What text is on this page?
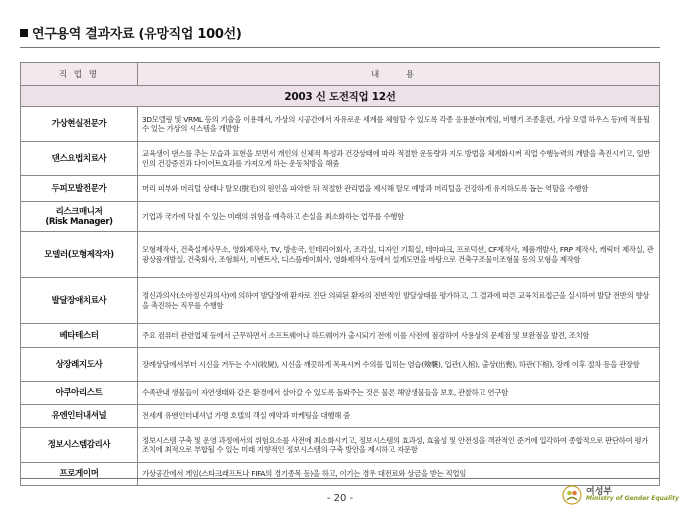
연구용역 결과자료 (유망직업 100선)
직 업 명	내 용
2003 신 도전직업 12선	
가상현실전문가	3D모델링 및 VRML 등의 기술을 이용해서, 가상의 시공간에서 자유로운 세계를 체험할 수 있도록 각종 응용분야(게임, 비행기 조종훈련, 가상 모델 하우스 등)에 적용될 수 있는 가상의 시스템을 개발함
댄스요법치료사	교육생이 댄스를 추는 모습과 표현을 보면서 개인의 신체적 특성과 건강상태에 따라 적절한 운동량과 지도 방법을 체계화시켜 직업 수행능력의 개발을 촉진시키고, 일반인의 건강증진과 다이어트효과를 가져오게 하는 운동처방을 해줌
두피모발전문가	머리 피부와 머리털 상태나 탈모(脫毛)의 원인을 파악한 뒤 적절한 관리법을 제시해 탈모 예방과 머리털을 건강하게 유지하도록 돕는 역할을 수행함

리스크매니저
(Risk Manager)	기업과 국가에 닥칠 수 있는 미래의 위험을 예측하고 손실을 최소화하는 업무를 수행함
모델러(모형제작자)	모형제작사, 건축설계사무소, 영화제작사, TV, 방송국, 인테리어회사, 조각실, 디자인 기획실, 테마파크, 프로덕션, CF제작사, 제품개발사, FRP 제작사, 캐릭터 제작실, 관광상품개발실, 건축회사, 조형회사, 이벤트사, 디스플레이회사, 영화제작사 등에서 설계도면을 바탕으로 건축구조물이조형물 등의 모형을 제작함
발달장애치료사	정신과의사(소아정신과의사)에 의하여 발달장애 환자로 진단 의뢰된 환자의 전반적인 발달상태를 평가하고, 그 결과에 따른 교육치료접근을 실시하여 발달 전반의 향상을 촉진하는 직무를 수행함
베타테스터	주요 컴퓨터 관련업체 등에서 근무하면서 소프트웨어나 하드웨어가 출시되기 전에 이를 사전에 점검하여 사용상의 문제점 및 보완점을 발견, 조치함
상장례지도사	장례상담에서부터 시신을 거두는 수시(收屍), 시신을 깨끗하게 목욕시켜 수의를 입히는 염습(殮襲), 입관(入棺), 출상(出喪), 하관(下棺), 장례 이후 절차 등을 관장함
아쿠아리스트	수족관내 생물들이 자연생태와 같은 환경에서 살아갈 수 있도록 돌봐주는 것은 물론 해양생물들을 보호, 관찰하고 연구함
유엔인터내셔널	전세계 유엔인터내셔널 가맹 호텔의 객실 예약과 마케팅을 대행해 줌
정보시스템감리사	정보시스템 구축 및 운영 과정에서의 위험요소를 사전에 최소화시키고, 정보시스템의 효과성, 효율성 및 안전성을 객관적인 준거에 입각하여 종합적으로 판단하여 평가 조치에 최적으로 부합될 수 있는 미래 지향적인 정보시스템의 구축 방안을 제시하고 자문함
프로게이머	가상공간에서 게임(스타크래프트나 FIFA의 경기종목 등)을 하고, 이기는 경우 대전료와 상금을 받는 직업임
- 20 -
여성부
Ministry of Gender Equality
